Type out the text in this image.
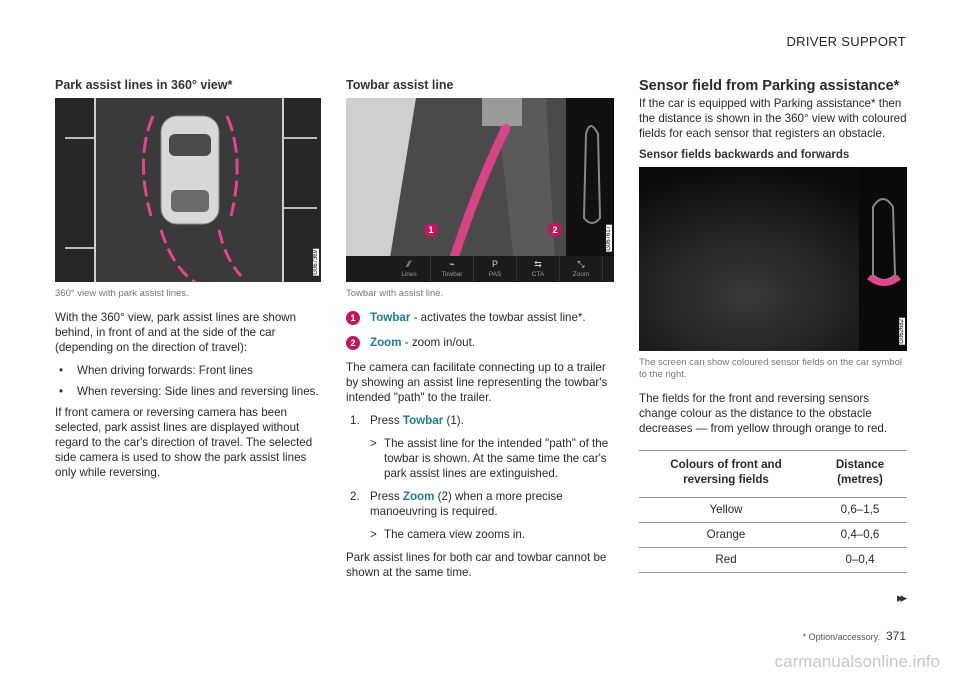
DRIVER SUPPORT
Park assist lines in 360° view*
G067369
360° view with park assist lines.

With the 360° view, park assist lines are shown behind, in front of and at the side of the car (depending on the direction of travel):

• When driving forwards: Front lines
• When reversing: Side lines and reversing lines.

If front camera or reversing camera has been selected, park assist lines are displayed without regard to the car's direction of travel. The selected side camera is used to show the park assist lines only while reversing.

Towbar assist line
1	2
⁄⁄
Lines
⌁
Towbar
P
PAS
⇆
CTA
⤡
Zoom
G067617
Towbar with assist line.
1	Towbar - activates the towbar assist line*.
2	Zoom - zoom in/out.

The camera can facilitate connecting up to a trailer by showing an assist line representing the towbar's intended "path" to the trailer.

1. Press Towbar (1).
> The assist line for the intended "path" of the towbar is shown. At the same time the car's park assist lines are extinguished.
2. Press Zoom (2) when a more precise manoeuvring is required.
> The camera view zooms in.

Park assist lines for both car and towbar cannot be shown at the same time.

Sensor field from Parking assistance*

If the car is equipped with Parking assistance* then the distance is shown in the 360° view with coloured fields for each sensor that registers an obstacle.

Sensor fields backwards and forwards
G062682
The screen can show coloured sensor fields on the car symbol to the right.

The fields for the front and reversing sensors change colour as the distance to the obstacle decreases — from yellow through orange to red.

Colours of front and reversing fields	Distance (metres)
Yellow	0,6–1,5
Orange	0,4–0,6
Red	0–0,4
▸▸
* Option/accessory. 371
carmanualsonline.info
